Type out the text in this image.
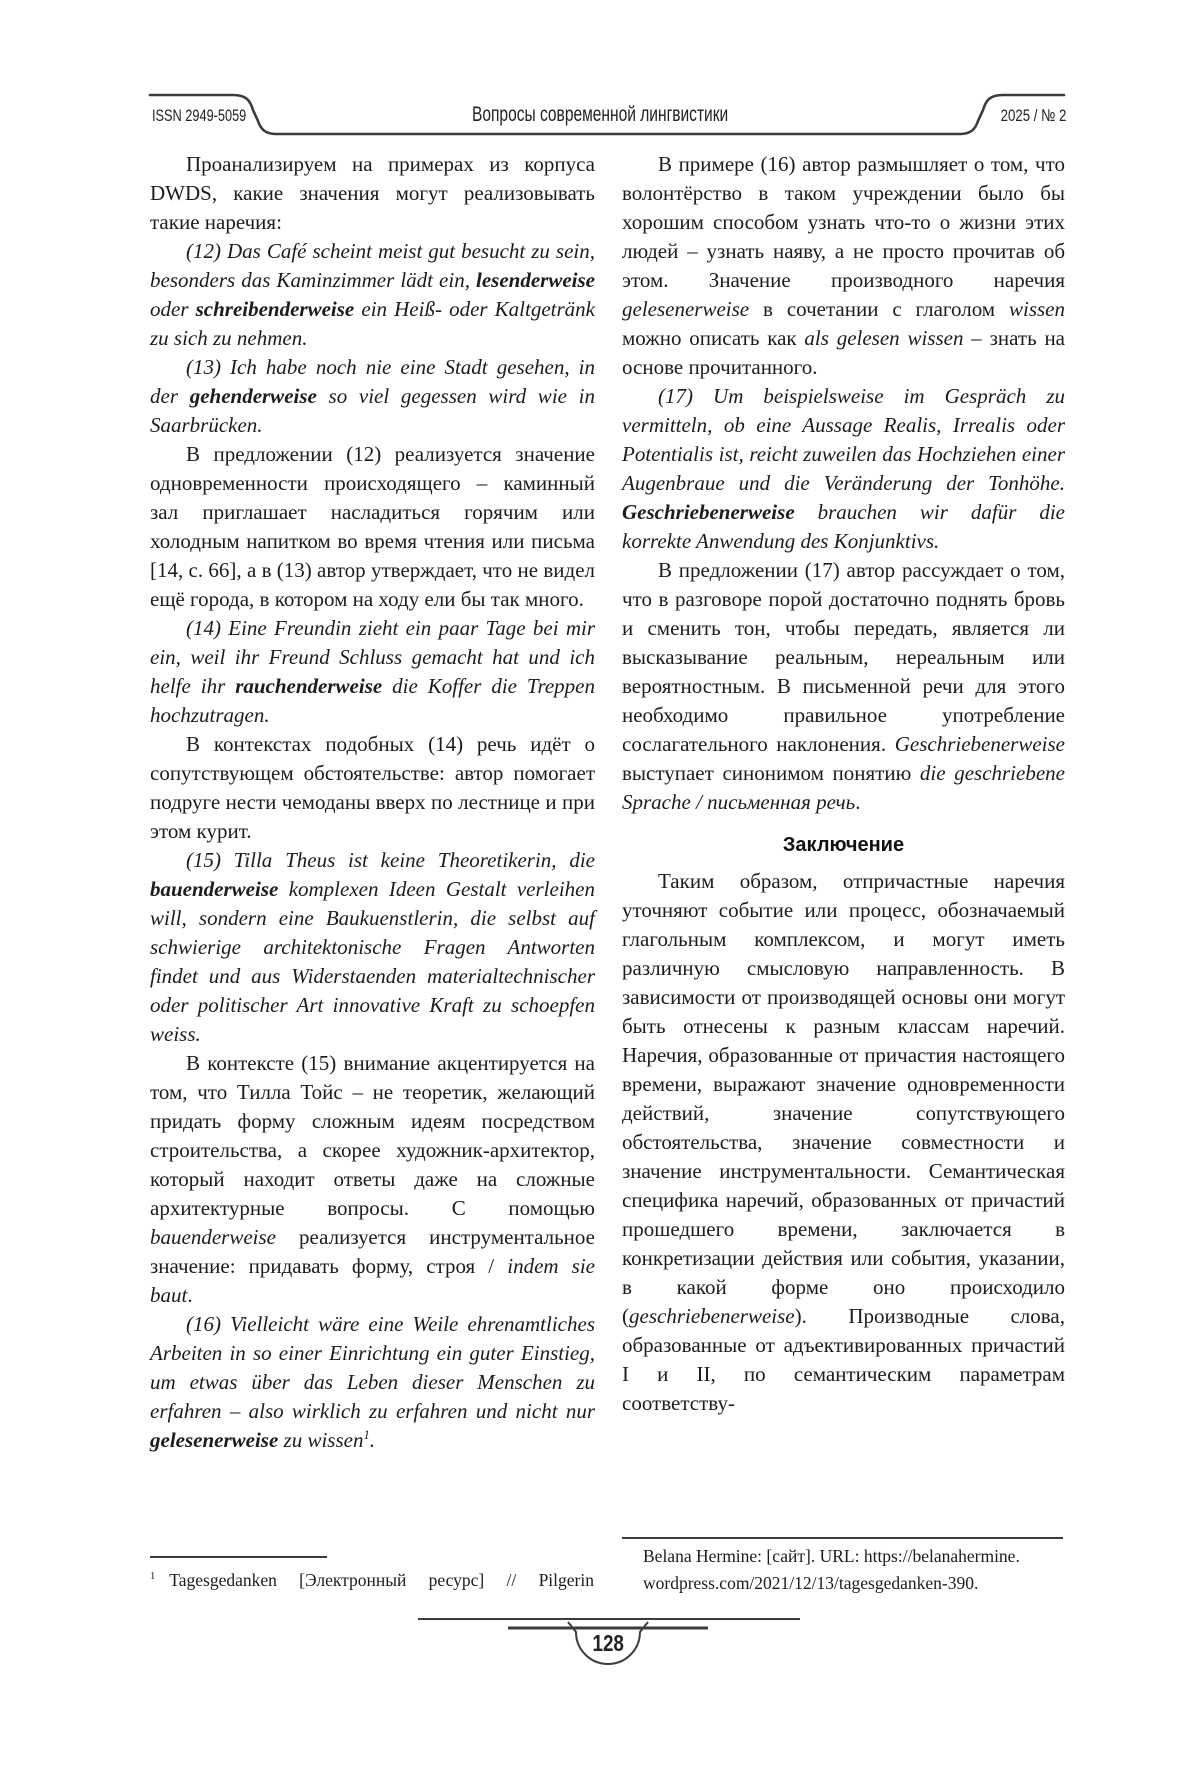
ISSN 2949-5059	Вопросы современной лингвистики	2025 / № 2

Проанализируем на примерах из корпуса DWDS, какие значения могут реализовывать такие наречия:

(12) Das Café scheint meist gut besucht zu sein, besonders das Kaminzimmer lädt ein, lesenderweise oder schreibenderweise ein Heiß- oder Kaltgetränk zu sich zu nehmen.

(13) Ich habe noch nie eine Stadt gesehen, in der gehenderweise so viel gegessen wird wie in Saarbrücken.

В предложении (12) реализуется значение одновременности происходящего – каминный зал приглашает насладиться горячим или холодным напитком во время чтения или письма [14, с. 66], а в (13) автор утверждает, что не видел ещё города, в котором на ходу ели бы так много.

(14) Eine Freundin zieht ein paar Tage bei mir ein, weil ihr Freund Schluss gemacht hat und ich helfe ihr rauchenderweise die Koffer die Treppen hochzutragen.

В контекстах подобных (14) речь идёт о сопутствующем обстоятельстве: автор помогает подруге нести чемоданы вверх по лестнице и при этом курит.

(15) Tilla Theus ist keine Theoretikerin, die bauenderweise komplexen Ideen Gestalt verleihen will, sondern eine Baukuenstlerin, die selbst auf schwierige architektonische Fragen Antworten findet und aus Widerstaenden materialtechnischer oder politischer Art innovative Kraft zu schoepfen weiss.

В контексте (15) внимание акцентируется на том, что Тилла Тойс – не теоретик, желающий придать форму сложным идеям посредством строительства, а скорее художник-архитектор, который находит ответы даже на сложные архитектурные вопросы. С помощью bauenderweise реализуется инструментальное значение: придавать форму, строя / indem sie baut.

(16) Vielleicht wäre eine Weile ehrenamtliches Arbeiten in so einer Einrichtung ein guter Einstieg, um etwas über das Leben dieser Menschen zu erfahren – also wirklich zu erfahren und nicht nur gelesenerweise zu wissen$^1$.

В примере (16) автор размышляет о том, что волонтёрство в таком учреждении было бы хорошим способом узнать что-то о жизни этих людей – узнать наяву, а не просто прочитав об этом. Значение производного наречия gelesenerweise в сочетании с глаголом wissen можно описать как als gelesen wissen – знать на основе прочитанного.

(17) Um beispielsweise im Gespräch zu vermitteln, ob eine Aussage Realis, Irrealis oder Potentialis ist, reicht zuweilen das Hochziehen einer Augenbraue und die Veränderung der Tonhöhe. Geschriebenerweise brauchen wir dafür die korrekte Anwendung des Konjunktivs.

В предложении (17) автор рассуждает о том, что в разговоре порой достаточно поднять бровь и сменить тон, чтобы передать, является ли высказывание реальным, нереальным или вероятностным. В письменной речи для этого необходимо правильное употребление сослагательного наклонения. Geschriebenerweise выступает синонимом понятию die geschriebene Sprache / письменная речь.

Заключение

Таким образом, отпричастные наречия уточняют событие или процесс, обозначаемый глагольным комплексом, и могут иметь различную смысловую направленность. В зависимости от производящей основы они могут быть отнесены к разным классам наречий. Наречия, образованные от причастия настоящего времени, выражают значение одновременности действий, значение сопутствующего обстоятельства, значение совместности и значение инструментальности. Семантическая специфика наречий, образованных от причастий прошедшего времени, заключается в конкретизации действия или события, указании, в какой форме оно происходило (geschriebenerweise). Производные слова, образованные от адъективированных причастий I и II, по семантическим параметрам соответству-

$^1$ Tagesgedanken [Электронный ресурс] // Pilgerin
Belana Hermine: [сайт]. URL: https://belanahermine.
wordpress.com/2021/12/13/tagesgedanken-390.
128
